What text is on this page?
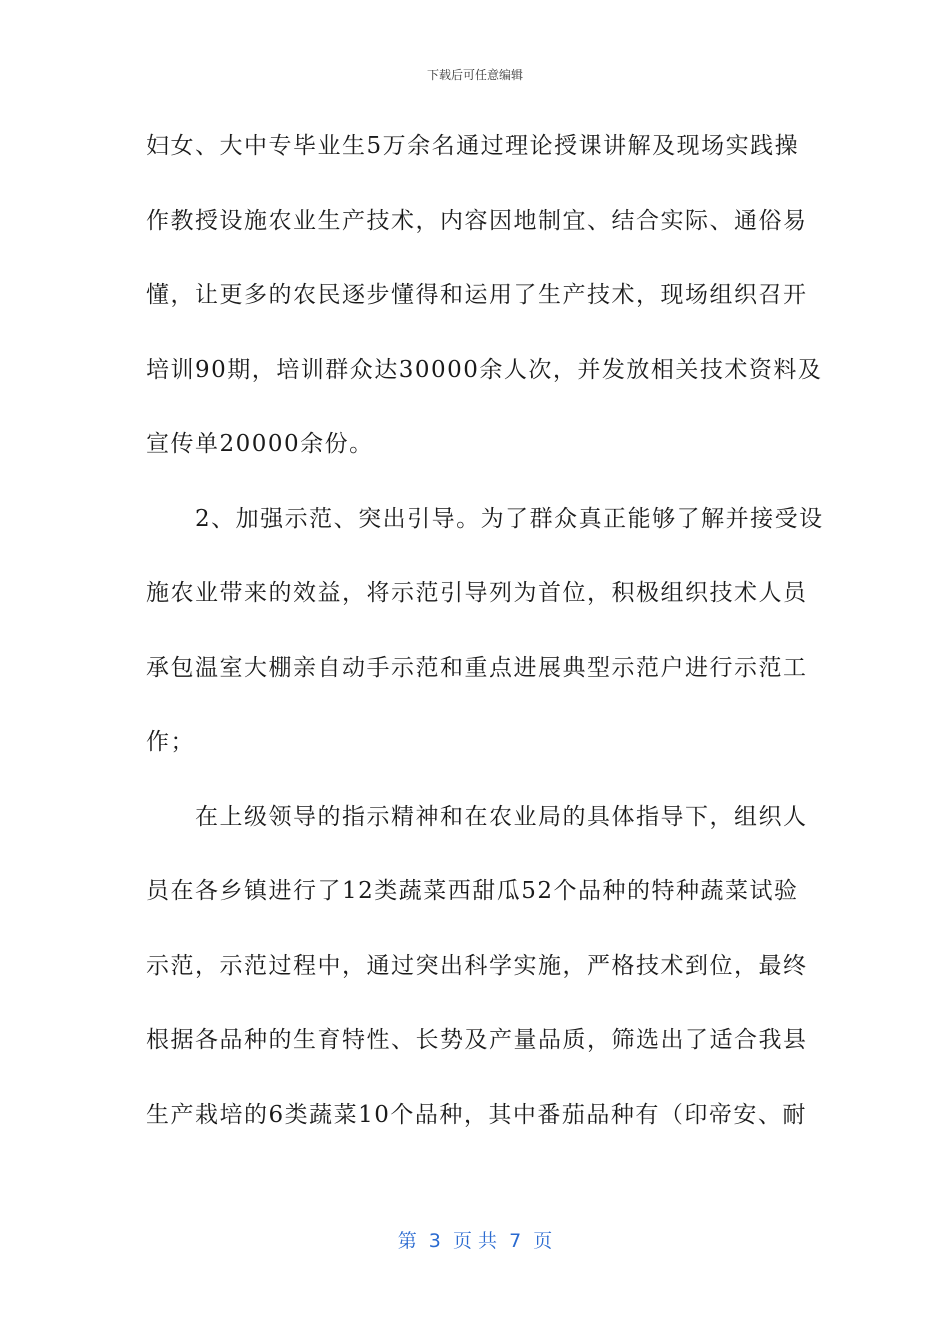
下载后可任意编辑
妇女、大中专毕业生5万余名通过理论授课讲解及现场实践操
作教授设施农业生产技术，内容因地制宜、结合实际、通俗易
懂，让更多的农民逐步懂得和运用了生产技术，现场组织召开
培训90期，培训群众达30000余人次，并发放相关技术资料及
宣传单20000余份。
　　2、加强示范、突出引导。为了群众真正能够了解并接受设
施农业带来的效益，将示范引导列为首位，积极组织技术人员
承包温室大棚亲自动手示范和重点进展典型示范户进行示范工
作；
　　在上级领导的指示精神和在农业局的具体指导下，组织人
员在各乡镇进行了12类蔬菜西甜瓜52个品种的特种蔬菜试验
示范，示范过程中，通过突出科学实施，严格技术到位，最终
根据各品种的生育特性、长势及产量品质，筛选出了适合我县
生产栽培的6类蔬菜10个品种，其中番茄品种有（印帝安、耐
第  3  页 共  7  页
